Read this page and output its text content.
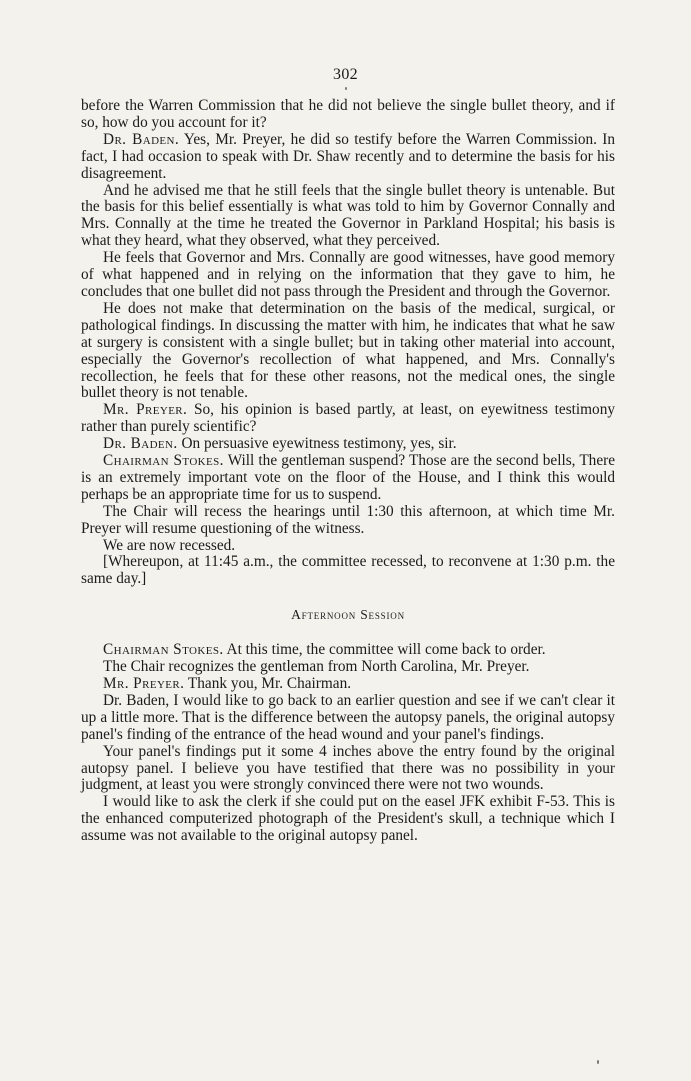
302

before the Warren Commission that he did not believe the single bullet theory, and if so, how do you account for it?

Dr. Baden. Yes, Mr. Preyer, he did so testify before the Warren Commission. In fact, I had occasion to speak with Dr. Shaw recently and to determine the basis for his disagreement.

And he advised me that he still feels that the single bullet theory is untenable. But the basis for this belief essentially is what was told to him by Governor Connally and Mrs. Connally at the time he treated the Governor in Parkland Hospital; his basis is what they heard, what they observed, what they perceived.

He feels that Governor and Mrs. Connally are good witnesses, have good memory of what happened and in relying on the information that they gave to him, he concludes that one bullet did not pass through the President and through the Governor.

He does not make that determination on the basis of the medical, surgical, or pathological findings. In discussing the matter with him, he indicates that what he saw at surgery is consistent with a single bullet; but in taking other material into account, especially the Governor's recollection of what happened, and Mrs. Connally's recollection, he feels that for these other reasons, not the medical ones, the single bullet theory is not tenable.

Mr. Preyer. So, his opinion is based partly, at least, on eyewitness testimony rather than purely scientific?

Dr. Baden. On persuasive eyewitness testimony, yes, sir.

Chairman Stokes. Will the gentleman suspend? Those are the second bells, There is an extremely important vote on the floor of the House, and I think this would perhaps be an appropriate time for us to suspend.

The Chair will recess the hearings until 1:30 this afternoon, at which time Mr. Preyer will resume questioning of the witness.

We are now recessed.

[Whereupon, at 11:45 a.m., the committee recessed, to reconvene at 1:30 p.m. the same day.]

Afternoon Session

Chairman Stokes. At this time, the committee will come back to order.

The Chair recognizes the gentleman from North Carolina, Mr. Preyer.

Mr. Preyer. Thank you, Mr. Chairman.

Dr. Baden, I would like to go back to an earlier question and see if we can't clear it up a little more. That is the difference between the autopsy panels, the original autopsy panel's finding of the entrance of the head wound and your panel's findings.

Your panel's findings put it some 4 inches above the entry found by the original autopsy panel. I believe you have testified that there was no possibility in your judgment, at least you were strongly convinced there were not two wounds.

I would like to ask the clerk if she could put on the easel JFK exhibit F-53. This is the enhanced computerized photograph of the President's skull, a technique which I assume was not available to the original autopsy panel.
